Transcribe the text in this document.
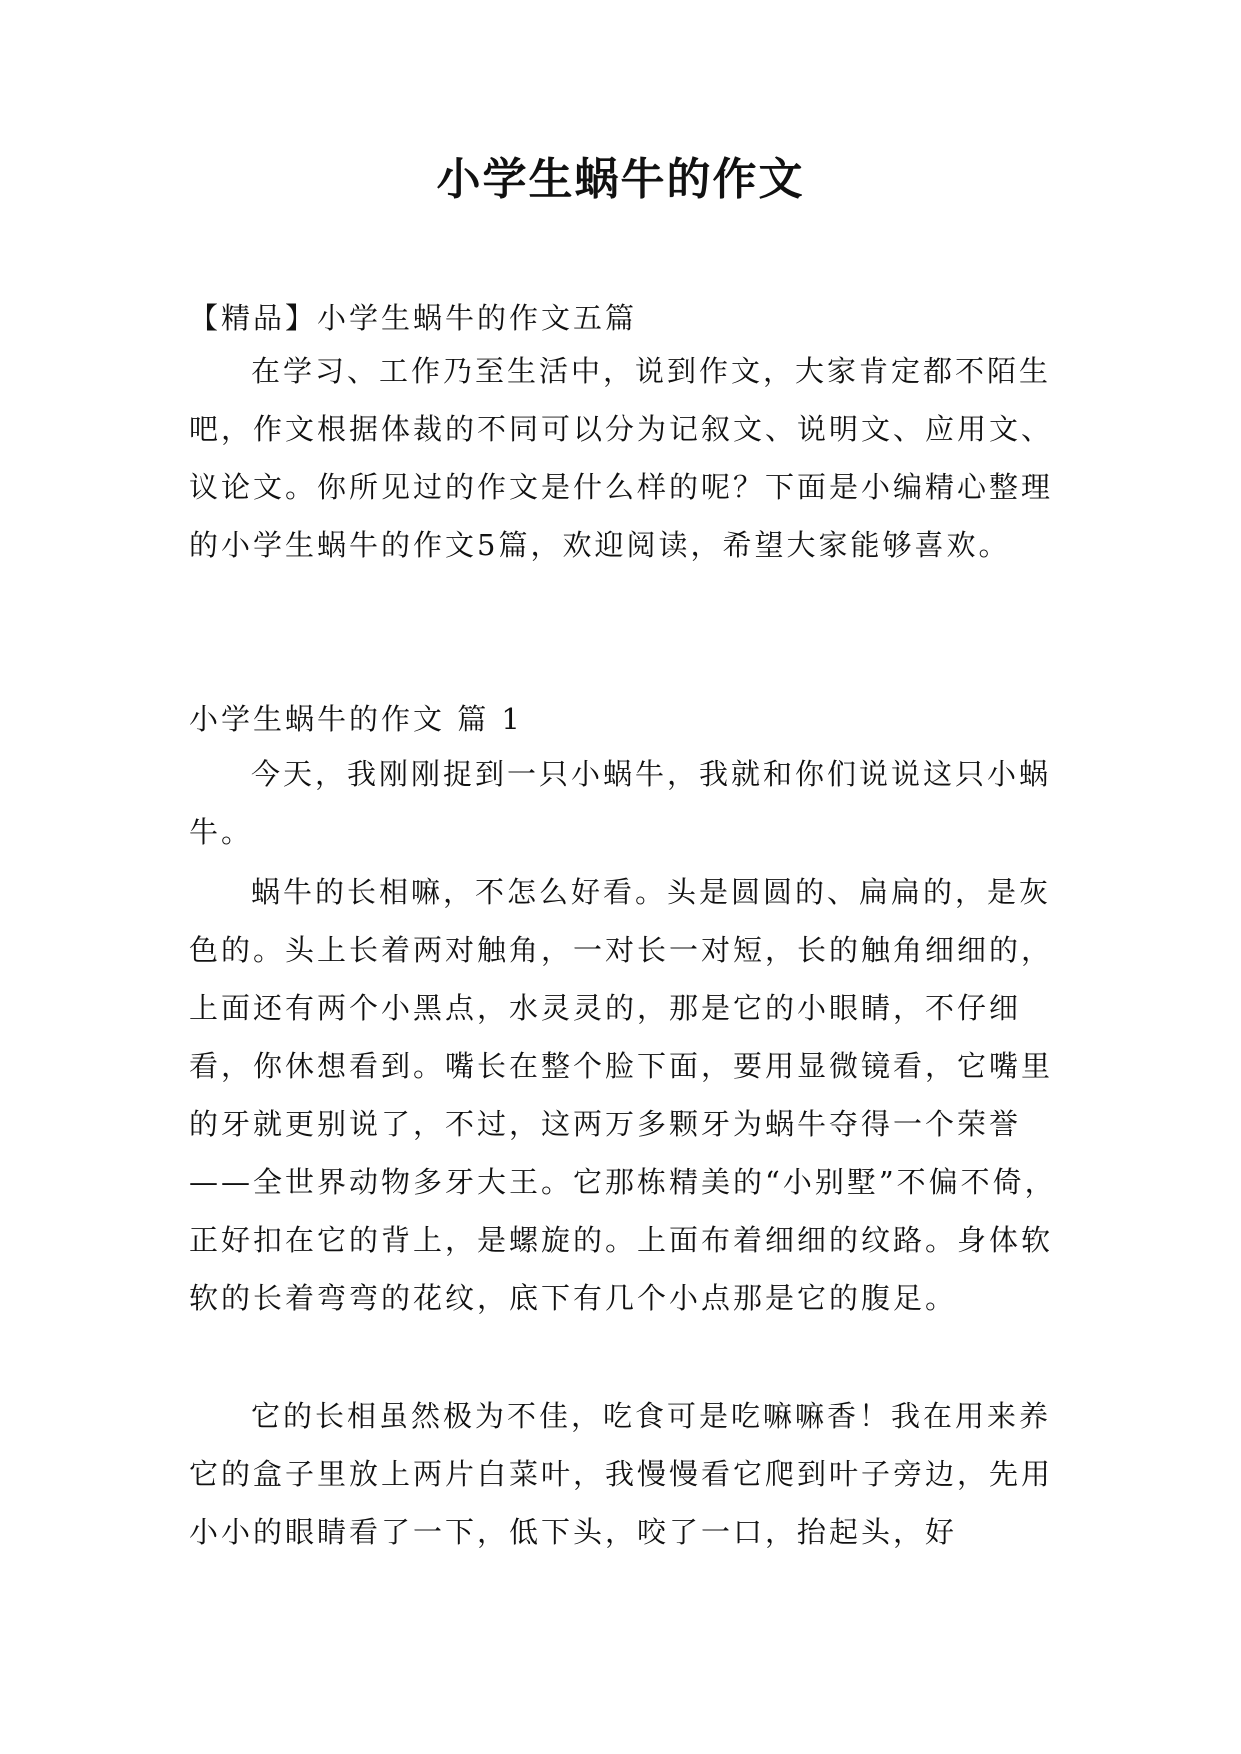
小学生蜗牛的作文

【精品】小学生蜗牛的作文五篇

在学习、工作乃至生活中，说到作文，大家肯定都不陌生吧，作文根据体裁的不同可以分为记叙文、说明文、应用文、议论文。你所见过的作文是什么样的呢？下面是小编精心整理的小学生蜗牛的作文5篇，欢迎阅读，希望大家能够喜欢。

小学生蜗牛的作文 篇 1

今天，我刚刚捉到一只小蜗牛，我就和你们说说这只小蜗牛。

蜗牛的长相嘛，不怎么好看。头是圆圆的、扁扁的，是灰色的。头上长着两对触角，一对长一对短，长的触角细细的，上面还有两个小黑点，水灵灵的，那是它的小眼睛，不仔细看，你休想看到。嘴长在整个脸下面，要用显微镜看，它嘴里的牙就更别说了，不过，这两万多颗牙为蜗牛夺得一个荣誉——全世界动物多牙大王。它那栋精美的“小别墅”不偏不倚，正好扣在它的背上，是螺旋的。上面布着细细的纹路。身体软软的长着弯弯的花纹，底下有几个小点那是它的腹足。

它的长相虽然极为不佳，吃食可是吃嘛嘛香！我在用来养它的盒子里放上两片白菜叶，我慢慢看它爬到叶子旁边，先用小小的眼睛看了一下，低下头，咬了一口，抬起头，好
